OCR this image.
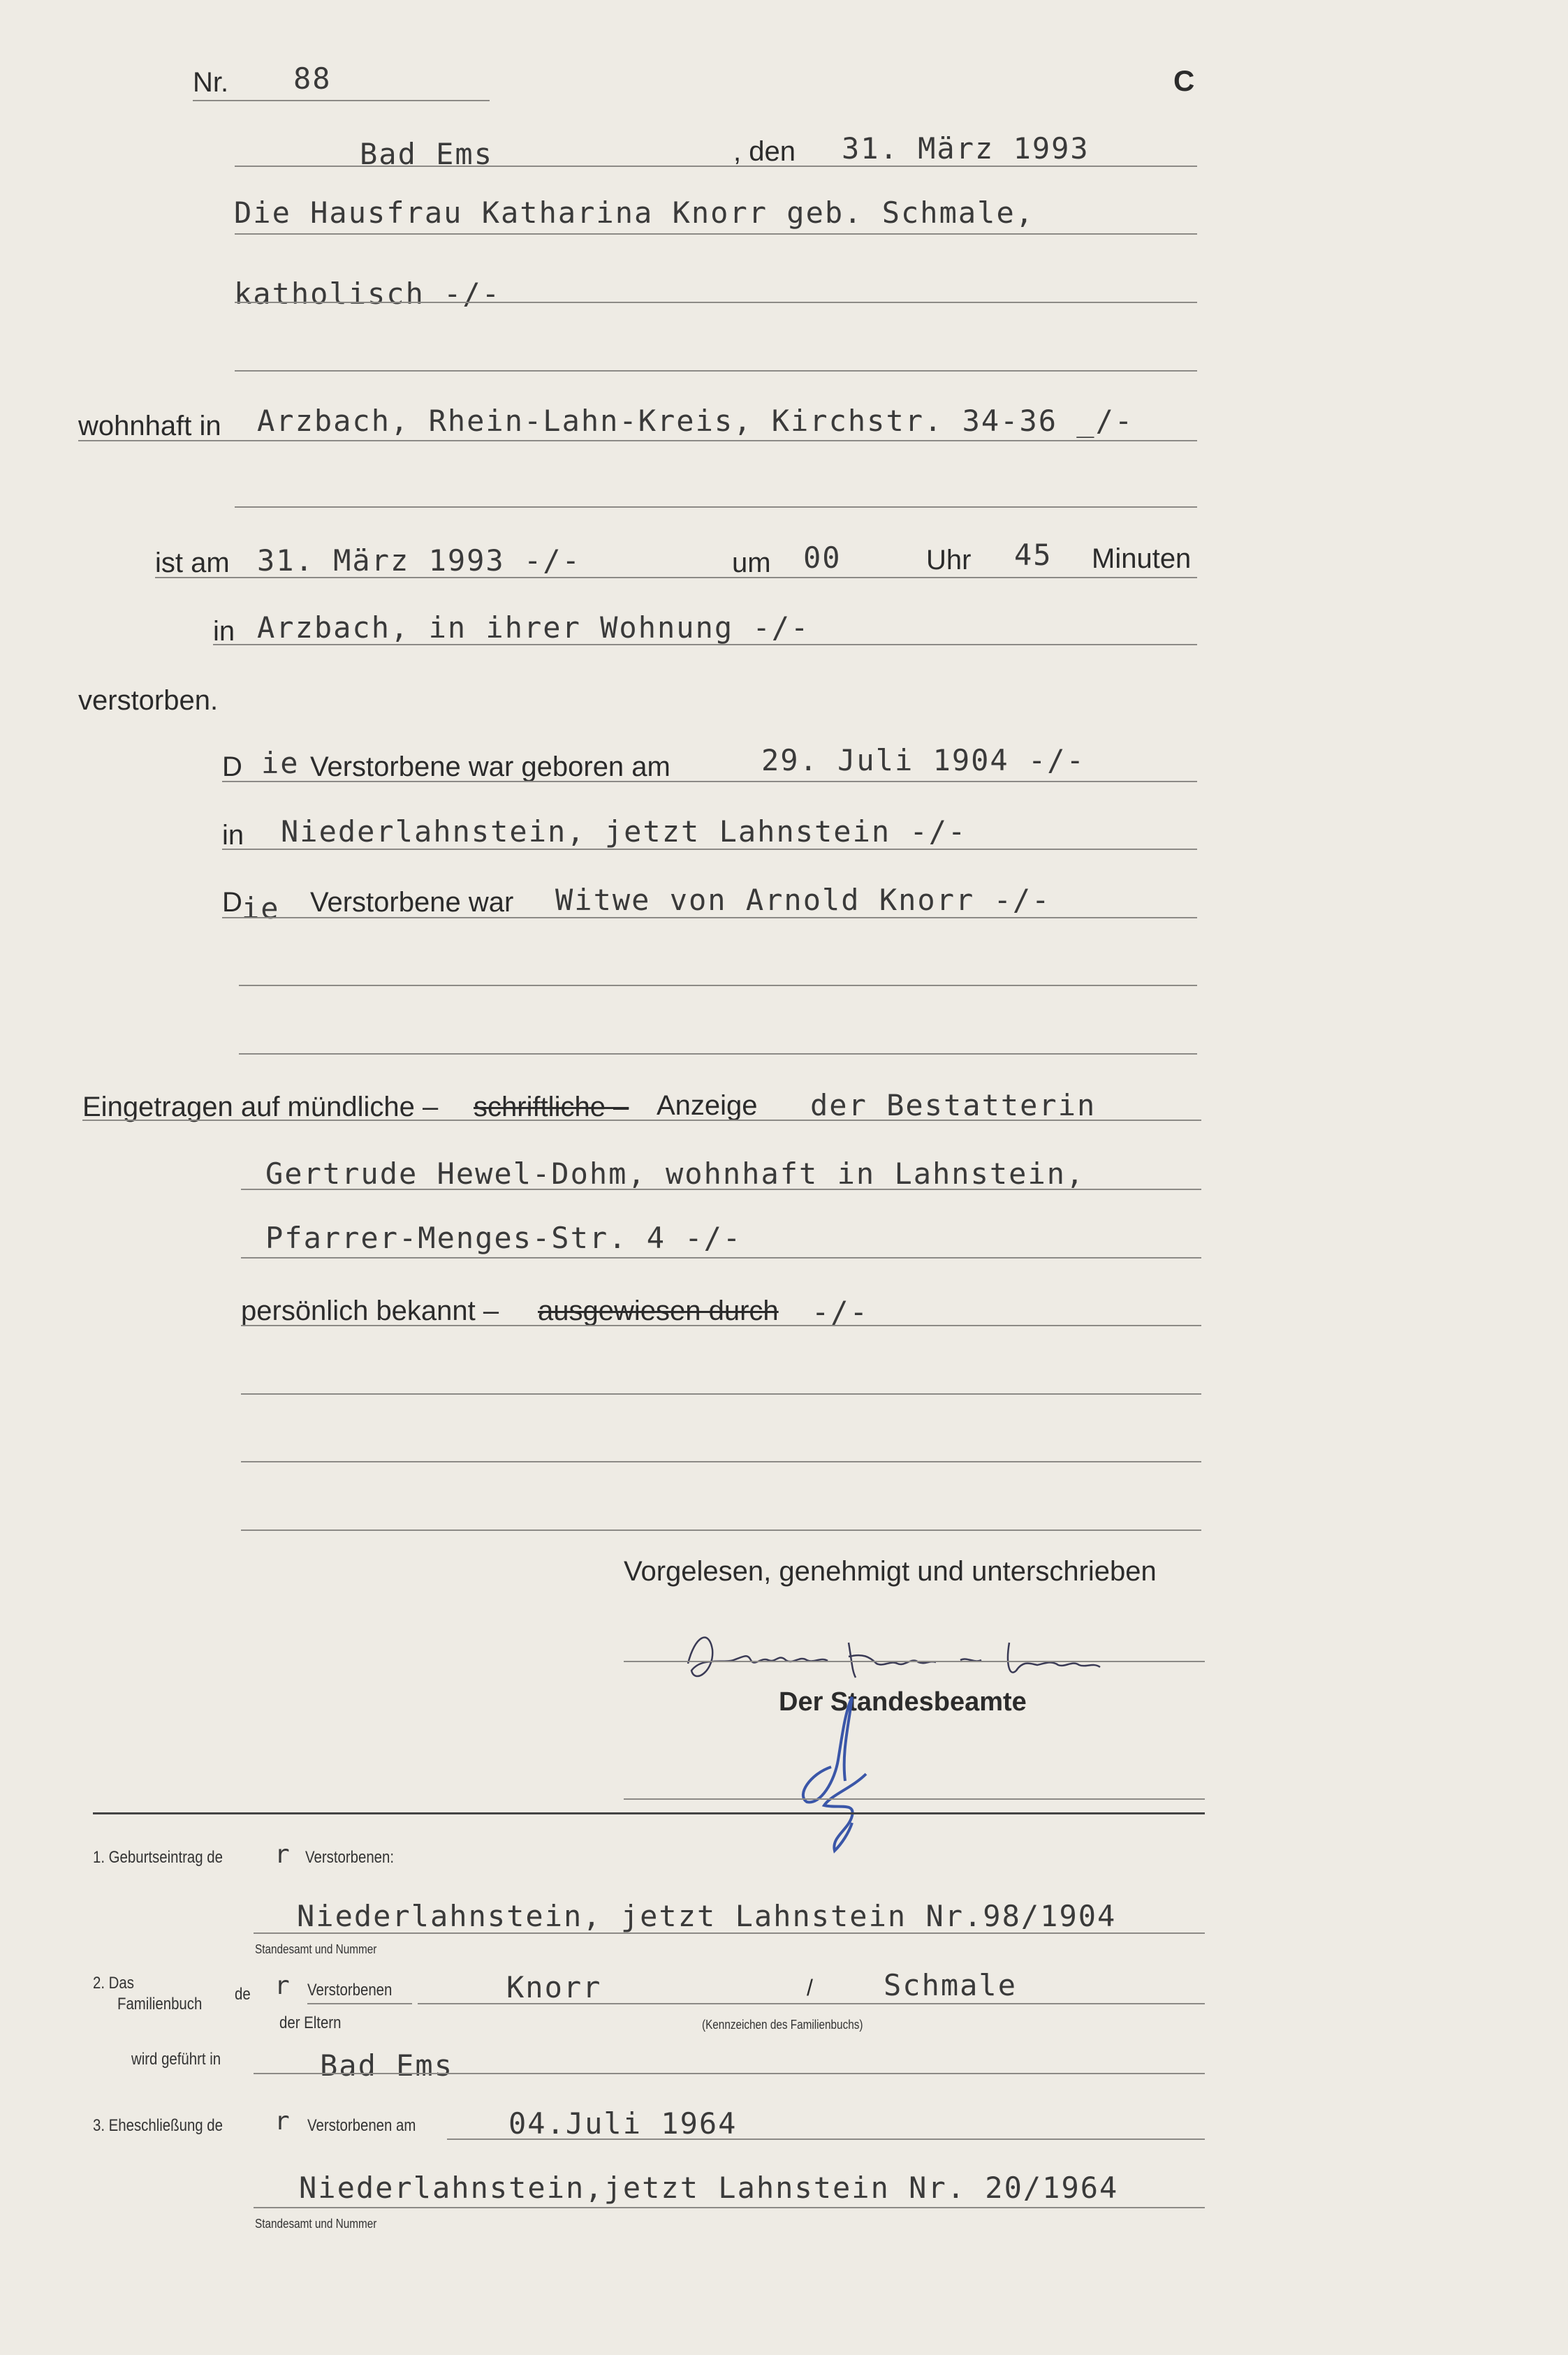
Nr. 88	C
Bad Ems	, den 31. März 1993
Die Hausfrau Katharina Knorr geb. Schmale,
katholisch -/-
wohnhaft in Arzbach, Rhein-Lahn-Kreis, Kirchstr. 34-36 _/-
ist am 31. März 1993 -/-	um 00	Uhr 45 Minuten
in Arzbach, in ihrer Wohnung -/-
verstorben.
D ie Verstorbene war geboren am	29. Juli 1904 -/-
in Niederlahnstein, jetzt Lahnstein -/-
D ie Verstorbene war Witwe von Arnold Knorr -/-
Eingetragen auf mündliche – schriftliche – Anzeige der Bestatterin
Gertrude Hewel-Dohm, wohnhaft in Lahnstein,
Pfarrer-Menges-Str. 4 -/-
persönlich bekannt – ausgewiesen durch -/-
Vorgelesen, genehmigt und unterschrieben
Der Standesbeamte
1. Geburtseintrag de r Verstorbenen:
Niederlahnstein, jetzt Lahnstein Nr.98/1904
Standesamt und Nummer
2. Das
Familienbuch
de r Verstorbenen
der Eltern
Knorr	/ Schmale
(Kennzeichen des Familienbuchs)
wird geführt in	Bad Ems
3. Eheschließung de r Verstorbenen am	04.Juli 1964
Niederlahnstein,jetzt Lahnstein Nr. 20/1964
Standesamt und Nummer
